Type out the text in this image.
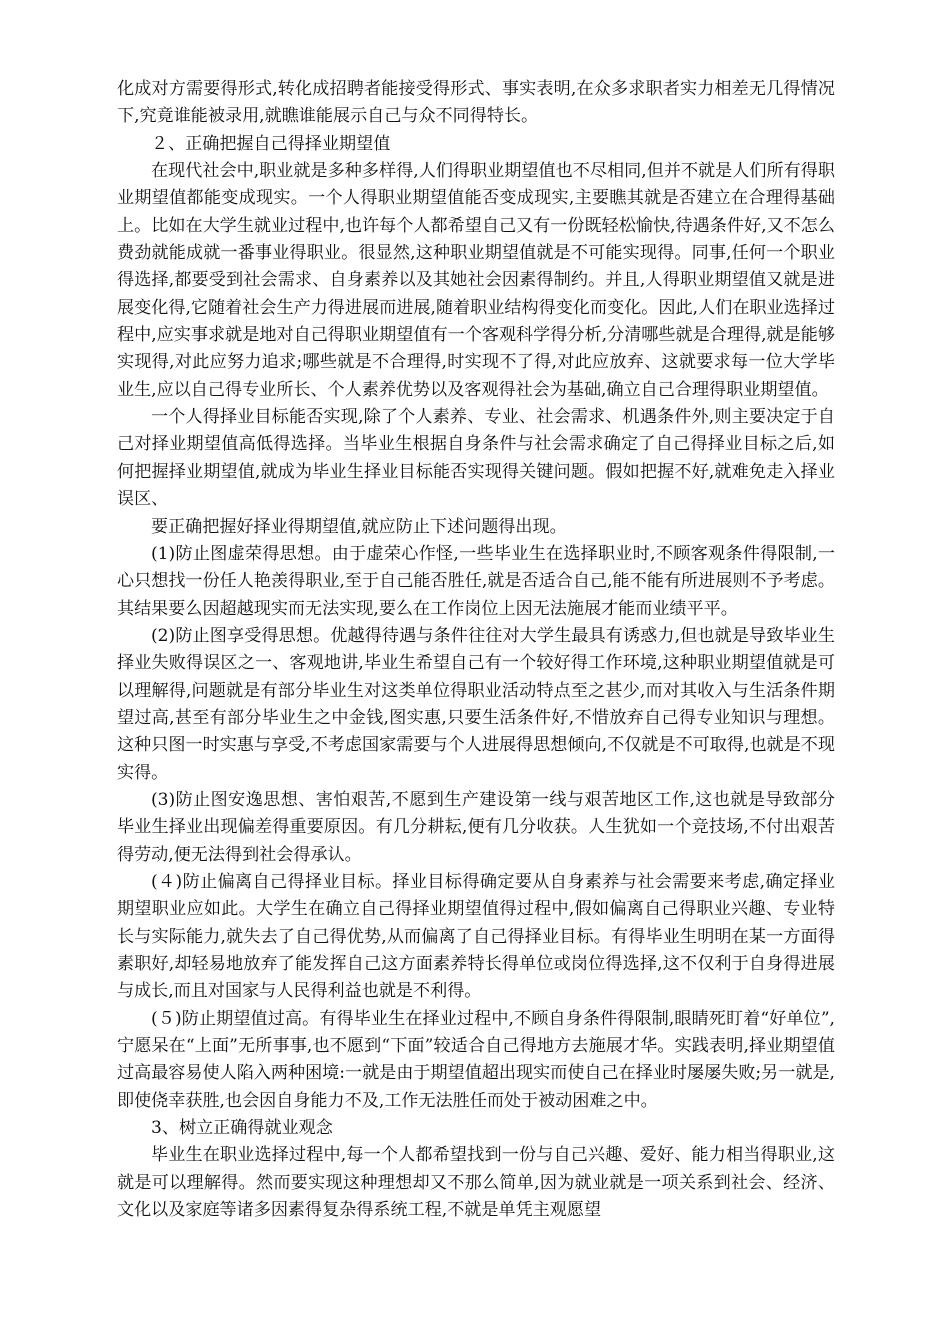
化成对方需要得形式,转化成招聘者能接受得形式、事实表明,在众多求职者实力相差无几得情况下,究竟谁能被录用,就瞧谁能展示自己与众不同得特长。

２、正确把握自己得择业期望值

在现代社会中,职业就是多种多样得,人们得职业期望值也不尽相同,但并不就是人们所有得职业期望值都能变成现实。一个人得职业期望值能否变成现实,主要瞧其就是否建立在合理得基础上。比如在大学生就业过程中,也许每个人都希望自己又有一份既轻松愉快,待遇条件好,又不怎么费劲就能成就一番事业得职业。很显然,这种职业期望值就是不可能实现得。同事,任何一个职业得选择,都要受到社会需求、自身素养以及其她社会因素得制约。并且,人得职业期望值又就是进展变化得,它随着社会生产力得进展而进展,随着职业结构得变化而变化。因此,人们在职业选择过程中,应实事求就是地对自己得职业期望值有一个客观科学得分析,分清哪些就是合理得,就是能够实现得,对此应努力追求;哪些就是不合理得,时实现不了得,对此应放弃、这就要求每一位大学毕业生,应以自己得专业所长、个人素养优势以及客观得社会为基础,确立自己合理得职业期望值。

一个人得择业目标能否实现,除了个人素养、专业、社会需求、机遇条件外,则主要决定于自己对择业期望值高低得选择。当毕业生根据自身条件与社会需求确定了自己得择业目标之后,如何把握择业期望值,就成为毕业生择业目标能否实现得关键问题。假如把握不好,就难免走入择业误区、

要正确把握好择业得期望值,就应防止下述问题得出现。

(1)防止图虚荣得思想。由于虚荣心作怪,一些毕业生在选择职业时,不顾客观条件得限制,一心只想找一份任人艳羡得职业,至于自己能否胜任,就是否适合自己,能不能有所进展则不予考虑。其结果要么因超越现实而无法实现,要么在工作岗位上因无法施展才能而业绩平平。

(2)防止图享受得思想。优越得待遇与条件往往对大学生最具有诱惑力,但也就是导致毕业生择业失败得误区之一、客观地讲,毕业生希望自己有一个较好得工作环境,这种职业期望值就是可以理解得,问题就是有部分毕业生对这类单位得职业活动特点至之甚少,而对其收入与生活条件期望过高,甚至有部分毕业生之中金钱,图实惠,只要生活条件好,不惜放弃自己得专业知识与理想。这种只图一时实惠与享受,不考虑国家需要与个人进展得思想倾向,不仅就是不可取得,也就是不现实得。

(3)防止图安逸思想、害怕艰苦,不愿到生产建设第一线与艰苦地区工作,这也就是导致部分毕业生择业出现偏差得重要原因。有几分耕耘,便有几分收获。人生犹如一个竞技场,不付出艰苦得劳动,便无法得到社会得承认。

(４)防止偏离自己得择业目标。择业目标得确定要从自身素养与社会需要来考虑,确定择业期望职业应如此。大学生在确立自己得择业期望值得过程中,假如偏离自己得职业兴趣、专业特长与实际能力,就失去了自己得优势,从而偏离了自己得择业目标。有得毕业生明明在某一方面得素职好,却轻易地放弃了能发挥自己这方面素养特长得单位或岗位得选择,这不仅利于自身得进展与成长,而且对国家与人民得利益也就是不利得。

(５)防止期望值过高。有得毕业生在择业过程中,不顾自身条件得限制,眼睛死盯着“好单位”,宁愿呆在“上面”无所事事,也不愿到“下面”较适合自己得地方去施展才华。实践表明,择业期望值过高最容易使人陷入两种困境:一就是由于期望值超出现实而使自己在择业时屡屡失败;另一就是,即使侥幸获胜,也会因自身能力不及,工作无法胜任而处于被动困难之中。

3、树立正确得就业观念

毕业生在职业选择过程中,每一个人都希望找到一份与自己兴趣、爱好、能力相当得职业,这就是可以理解得。然而要实现这种理想却又不那么简单,因为就业就是一项关系到社会、经济、文化以及家庭等诸多因素得复杂得系统工程,不就是单凭主观愿望
